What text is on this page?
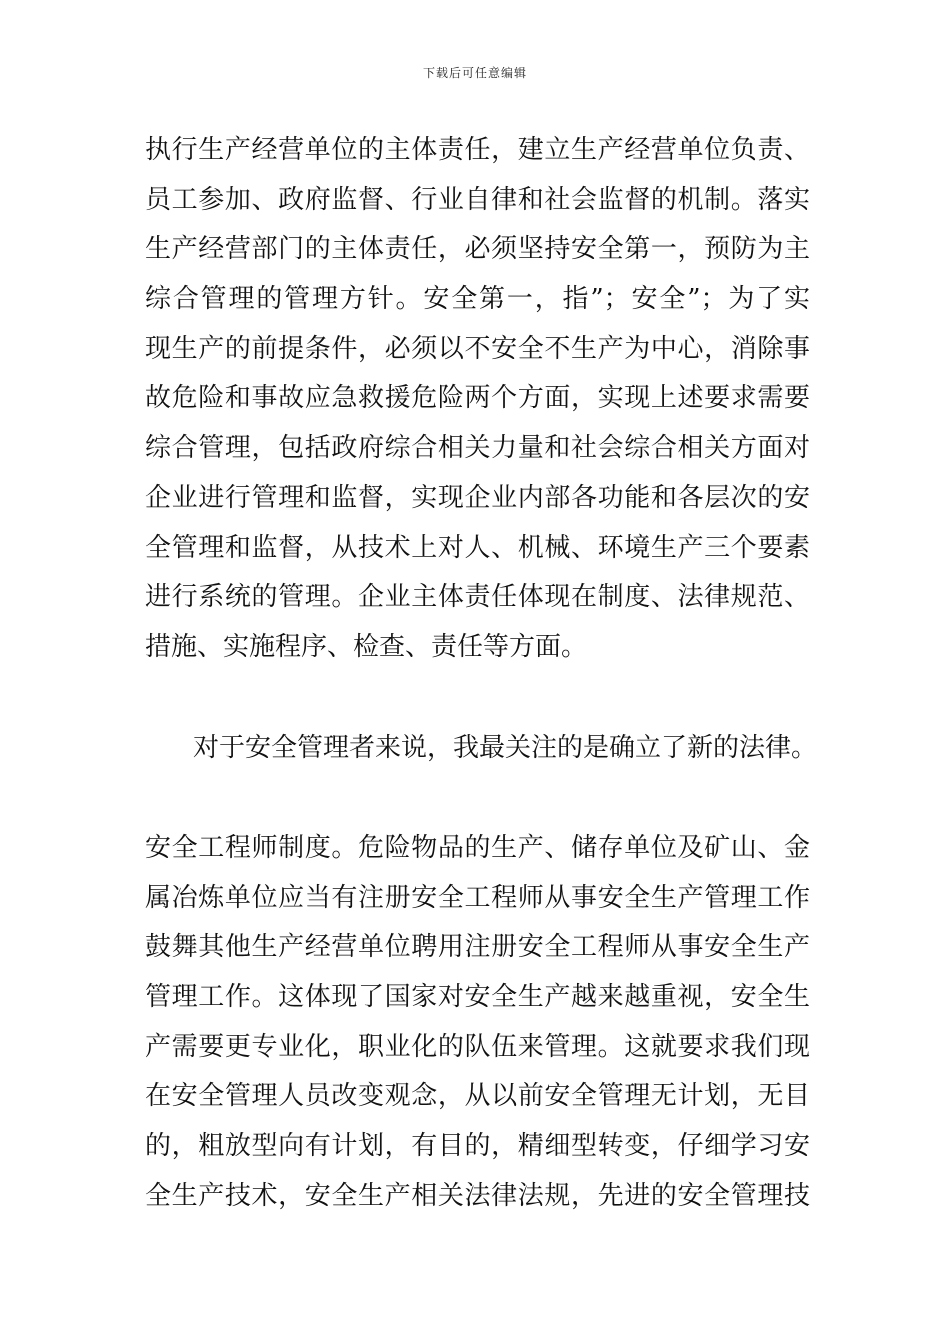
下载后可任意编辑
执行生产经营单位的主体责任，建立生产经营单位负责、
员工参加、政府监督、行业自律和社会监督的机制。落实
生产经营部门的主体责任，必须坚持安全第一，预防为主
综合管理的管理方针。安全第一，指”；安全”；为了实
现生产的前提条件，必须以不安全不生产为中心，消除事
故危险和事故应急救援危险两个方面，实现上述要求需要
综合管理，包括政府综合相关力量和社会综合相关方面对
企业进行管理和监督，实现企业内部各功能和各层次的安
全管理和监督，从技术上对人、机械、环境生产三个要素
进行系统的管理。企业主体责任体现在制度、法律规范、
措施、实施程序、检查、责任等方面。
对于安全管理者来说，我最关注的是确立了新的法律。
安全工程师制度。危险物品的生产、储存单位及矿山、金
属冶炼单位应当有注册安全工程师从事安全生产管理工作
鼓舞其他生产经营单位聘用注册安全工程师从事安全生产
管理工作。这体现了国家对安全生产越来越重视，安全生
产需要更专业化，职业化的队伍来管理。这就要求我们现
在安全管理人员改变观念，从以前安全管理无计划，无目
的，粗放型向有计划，有目的，精细型转变，仔细学习安
全生产技术，安全生产相关法律法规，先进的安全管理技
